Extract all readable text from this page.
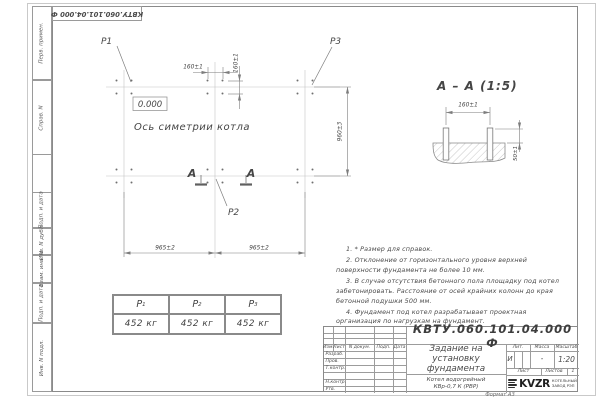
Перв. примен.
Справ. N
Подп. и дата
Инв. N дубл.
Взам. инв. N
Подп. и дата
Инв. N подл.
КВТУ.060.101.04.000 Ф
P1	P3
P2
0.000
Ось симетрии котла
160±1	160±1
960±3
965±2	965±2
А	А
А – А (1:5)
160±1
50±1

1. * Размер для справок.

2. Отклонение от горизонтального уровня верхней поверхности фундамента не более 10 мм.

3. В случае отсутствия бетонного пола площадку под котел забетонировать. Расстояние от осей крайних колонн до края бетонной подушки 500 мм.

4. Фундамент под котел разрабатывает проектная организация по нагрузкам на фундамент.

P 1	P 2	P 3
452 кг	452 кг	452 кг
Изм. Лист N докум.	Подп. Дата
Разраб.
Пров.
Т.контр.
Н.контр.
Утв.
КВТУ.060.101.04.000 Ф
Задание на установку фундамента
Котел водогрейный КВр-0,7 К (РВР)
Лит.	Масса	Масштаб
И	-	1:20
Лист	Листов	1
KVZR КОТЕЛЬНЫЙ
ЗАВОД РЭП
Формат А3
